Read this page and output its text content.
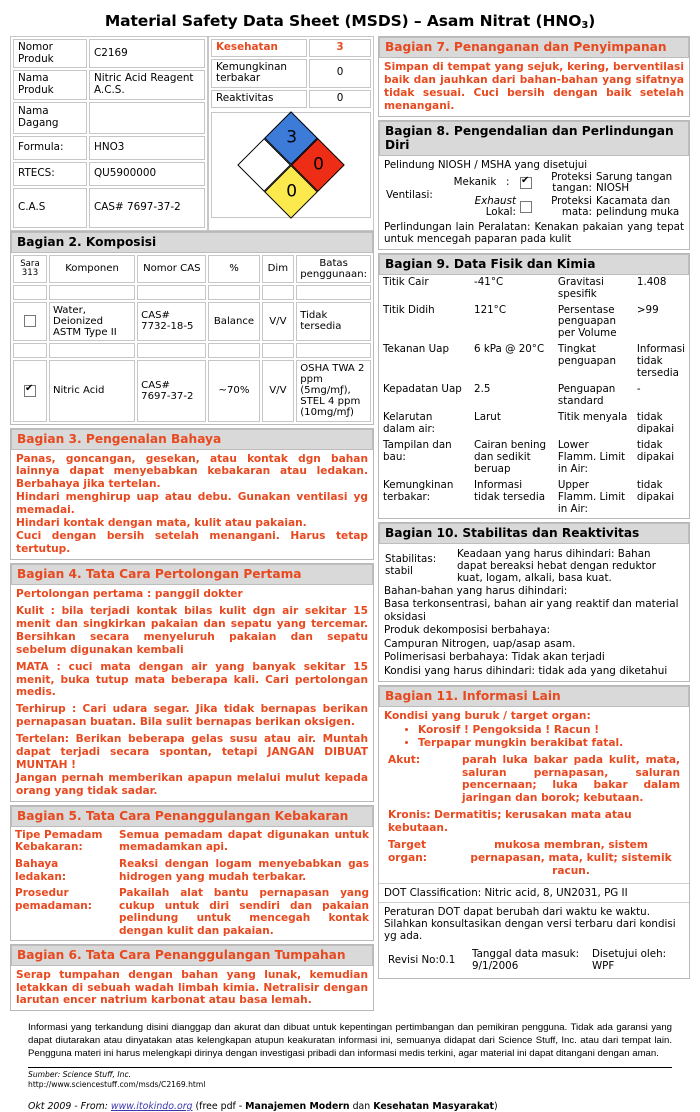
Material Safety Data Sheet (MSDS) – Asam Nitrat $(HNO_3)$
Nomor Produk	C2169
Nama Produk	Nitric Acid Reagent A.C.S.
Nama Dagang	
Formula:	HNO3
RTECS:	QU5900000
C.A.S	CAS# 7697-37-2

Kesehatan	3
Kemungkinan terbakar	0
Reaktivitas	0
3
0
0
Bagian 2. Komposisi
Sara
313	Komponen	Nomor CAS	%	Dim	Batas penggunaan:

	Water, Deionized ASTM Type II	CAS# 7732-18-5	Balance	V/V	Tidak tersedia

✔	Nitric Acid	CAS# 7697-37-2	~70%	V/V	OSHA TWA 2 ppm (5mg/mƒ), STEL 4 ppm (10mg/mƒ)
Bagian 3. Pengenalan Bahaya

Panas, goncangan, gesekan, atau kontak dgn bahan lainnya dapat menyebabkan kebakaran atau ledakan. Berbahaya jika tertelan.

Hindari menghirup uap atau debu. Gunakan ventilasi yg memadai.

Hindari kontak dengan mata, kulit atau pakaian.

Cuci dengan bersih setelah menangani. Harus tetap tertutup.

Bagian 4. Tata Cara Pertolongan Pertama

Pertolongan pertama : panggil dokter

Kulit : bila terjadi kontak bilas kulit dgn air sekitar 15 menit dan singkirkan pakaian dan sepatu yang tercemar. Bersihkan secara menyeluruh pakaian dan sepatu sebelum digunakan kembali

MATA : cuci mata dengan air yang banyak sekitar 15 menit, buka tutup mata beberapa kali. Cari pertolongan medis.

Terhirup : Cari udara segar. Jika tidak bernapas berikan pernapasan buatan. Bila sulit bernapas berikan oksigen.

Tertelan: Berikan beberapa gelas susu atau air. Muntah dapat terjadi secara spontan, tetapi JANGAN DIBUAT MUNTAH !

Jangan pernah memberikan apapun melalui mulut kepada orang yang tidak sadar.

Bagian 5. Tata Cara Penanggulangan Kebakaran
Tipe Pemadam Kebakaran:	Semua pemadam dapat digunakan untuk memadamkan api.
Bahaya ledakan:	Reaksi dengan logam menyebabkan gas hidrogen yang mudah terbakar.
Prosedur pemadaman:	Pakailah alat bantu pernapasan yang cukup untuk diri sendiri dan pakaian pelindung untuk mencegah kontak dengan kulit dan pakaian.
Bagian 6. Tata Cara Penanggulangan Tumpahan

Serap tumpahan dengan bahan yang lunak, kemudian letakkan di sebuah wadah limbah kimia. Netralisir dengan larutan encer natrium karbonat atau basa lemah.

Bagian 7. Penanganan dan Penyimpanan

Simpan di tempat yang sejuk, kering, berventilasi baik dan jauhkan dari bahan-bahan yang sifatnya tidak sesuai. Cuci bersih dengan baik setelah menangani.

Bagian 8. Pengendalian dan Perlindungan Diri
Pelindung NIOSH / MSHA yang disetujui
Ventilasi:	Mekanik	:	✔	Proteksi tangan:	Sarung tangan NIOSH
	Exhaust Lokal:			Proteksi mata:	Kacamata dan pelindung muka
Perlindungan lain Peralatan: Kenakan pakaian yang tepat untuk mencegah paparan pada kulit
Bagian 9. Data Fisik dan Kimia
Titik Cair	-41°C	Gravitasi spesifik	1.408
Titik Didih	121°C	Persentase penguapan per Volume	>99
Tekanan Uap	6 kPa @ 20°C	Tingkat penguapan	Informasi tidak tersedia
Kepadatan Uap	2.5	Penguapan standard	-
Kelarutan dalam air:	Larut	Titik menyala	tidak dipakai
Tampilan dan bau:	Cairan bening dan sedikit beruap	Lower Flamm. Limit in Air:	tidak dipakai
Kemungkinan terbakar:	Informasi tidak tersedia	Upper Flamm. Limit in Air:	tidak dipakai
Bagian 10. Stabilitas dan Reaktivitas
Stabilitas: stabil	Keadaan yang harus dihindari: Bahan dapat bereaksi hebat dengan reduktor kuat, logam, alkali, basa kuat.

Bahan-bahan yang harus dihindari:

Basa terkonsentrasi, bahan air yang reaktif dan material oksidasi

Produk dekomposisi berbahaya:

Campuran Nitrogen, uap/asap asam.

Polimerisasi berbahaya: Tidak akan terjadi

Kondisi yang harus dihindari: tidak ada yang diketahui

Bagian 11. Informasi Lain
Kondisi yang buruk / target organ:
• Korosif ! Pengoksida ! Racun !
• Terpapar mungkin berakibat fatal.
Akut:	parah luka bakar pada kulit, mata, saluran pernapasan, saluran pencernaan; luka bakar dalam jaringan dan borok; kebutaan.
Kronis: Dermatitis; kerusakan mata atau kebutaan.	
Target organ:	mukosa membran, sistem pernapasan, mata, kulit; sistemik racun.
DOT Classification: Nitric acid, 8, UN2031, PG II
Peraturan DOT dapat berubah dari waktu ke waktu. Silahkan konsultasikan dengan versi terbaru dari kondisi yg ada.
Revisi No:0.1	
Tanggal data masuk:
9/1/2006

Disetujui oleh:
WPF
Informasi yang terkandung disini dianggap dan akurat dan dibuat untuk kepentingan pertimbangan dan pemikiran pengguna. Tidak ada garansi yang dapat diutarakan atau dinyatakan atas kelengkapan atupun keakuratan informasi ini, semuanya didapat dari Science Stuff, Inc. atau dari tempat lain. Pengguna materi ini harus melengkapi dirinya dengan investigasi pribadi dan informasi medis terkini, agar material ini dapat ditangani dengan aman.
Sumber: Science Stuff, Inc.
http://www.sciencestuff.com/msds/C2169.html
Okt 2009 - From: www.itokindo.org (free pdf - Manajemen Modern dan Kesehatan Masyarakat)
